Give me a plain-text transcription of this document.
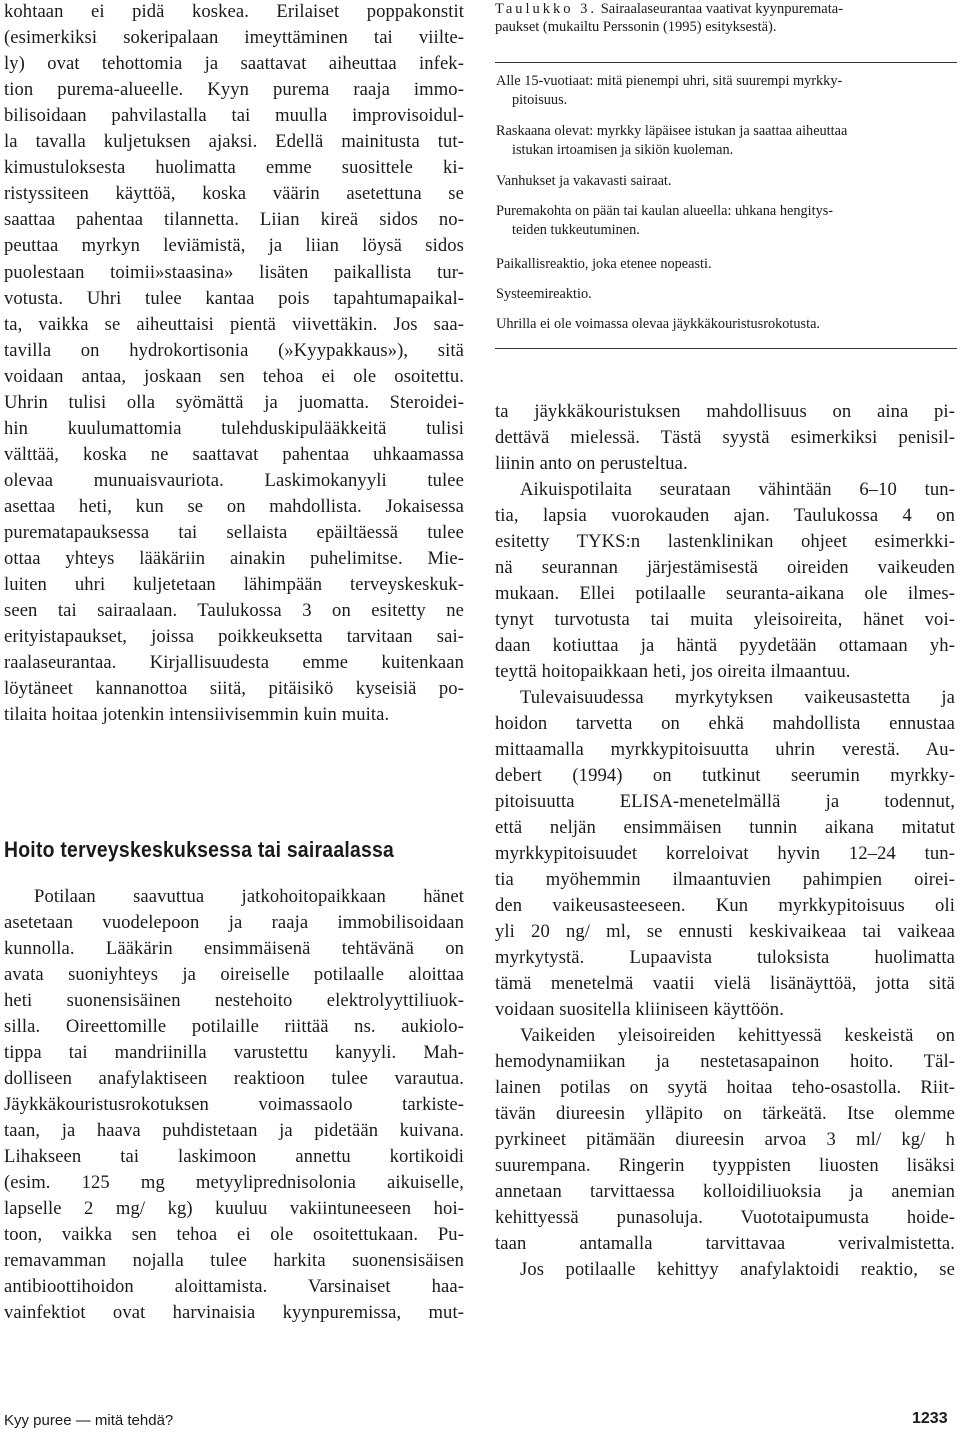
kohtaan ei pidä koskea. Erilaiset poppakonstit
(esimerkiksi sokeripalaan imeyttäminen tai viilte-
ly) ovat tehottomia ja saattavat aiheuttaa infek-
tion purema-alueelle. Kyyn purema raaja immo-
bilisoidaan pahvilastalla tai muulla improvisoidul-
la tavalla kuljetuksen ajaksi. Edellä mainitusta tut-
kimustuloksesta huolimatta emme suosittele ki-
ristyssiteen käyttöä, koska väärin asetettuna se
saattaa pahentaa tilannetta. Liian kireä sidos no-
peuttaa myrkyn leviämistä, ja liian löysä sidos
puolestaan toimii»staasina» lisäten paikallista tur-
votusta. Uhri tulee kantaa pois tapahtumapaikal-
ta, vaikka se aiheuttaisi pientä viivettäkin. Jos saa-
tavilla on hydrokortisonia (»Kyypakkaus»), sitä
voidaan antaa, joskaan sen tehoa ei ole osoitettu.
Uhrin tulisi olla syömättä ja juomatta. Steroidei-
hin kuulumattomia tulehduskipulääkkeitä tulisi
välttää, koska ne saattavat pahentaa uhkaamassa
olevaa munuaisvauriota. Laskimokanyyli tulee
asettaa heti, kun se on mahdollista. Jokaisessa
purematapauksessa tai sellaista epäiltäessä tulee
ottaa yhteys lääkäriin ainakin puhelimitse. Mie-
luiten uhri kuljetetaan lähimpään terveyskeskuk-
seen tai sairaalaan. Taulukossa 3 on esitetty ne
erityistapaukset, joissa poikkeuksetta tarvitaan sai-
raalaseurantaa. Kirjallisuudesta emme kuitenkaan
löytäneet kannanottoa siitä, pitäisikö kyseisiä po-
tilaita hoitaa jotenkin intensiivisemmin kuin muita.
Potilaan saavuttua jatkohoitopaikkaan hänet
asetetaan vuodelepoon ja raaja immobilisoidaan
kunnolla. Lääkärin ensimmäisenä tehtävänä on
avata suoniyhteys ja oireiselle potilaalle aloittaa
heti suonensisäinen nestehoito elektrolyyttiliuok-
silla. Oireettomille potilaille riittää ns. aukiolo-
tippa tai mandriinilla varustettu kanyyli. Mah-
dolliseen anafylaktiseen reaktioon tulee varautua.
Jäykkäkouristusrokotuksen voimassaolo tarkiste-
taan, ja haava puhdistetaan ja pidetään kuivana.
Lihakseen tai laskimoon annettu kortikoidi
(esim. 125 mg metyyliprednisolonia aikuiselle,
lapselle 2 mg/ kg) kuuluu vakiintuneeseen hoi-
toon, vaikka sen tehoa ei ole osoitettukaan. Pu-
remavamman nojalla tulee harkita suonensisäisen
antibioottihoidon aloittamista. Varsinaiset haa-
vainfektiot ovat harvinaisia kyynpuremissa, mut-
Hoito terveyskeskuksessa tai sairaalassa
Taulukko 3. Sairaalaseurantaa vaativat kyynpuremata-
paukset (mukailtu Perssonin (1995) esityksestä).
Alle 15-vuotiaat: mitä pienempi uhri, sitä suurempi myrkky-
pitoisuus.
Raskaana olevat: myrkky läpäisee istukan ja saattaa aiheuttaa
istukan irtoamisen ja sikiön kuoleman.
Vanhukset ja vakavasti sairaat.
Puremakohta on pään tai kaulan alueella: uhkana hengitys-
teiden tukkeutuminen.
Paikallisreaktio, joka etenee nopeasti.
Systeemireaktio.
Uhrilla ei ole voimassa olevaa jäykkäkouristusrokotusta.
ta jäykkäkouristuksen mahdollisuus on aina pi-
dettävä mielessä. Tästä syystä esimerkiksi penisil-
liinin anto on perusteltua.
Aikuispotilaita seurataan vähintään 6–10 tun-
tia, lapsia vuorokauden ajan. Taulukossa 4 on
esitetty TYKS:n lastenklinikan ohjeet esimerkki-
nä seurannan järjestämisestä oireiden vaikeuden
mukaan. Ellei potilaalle seuranta-aikana ole ilmes-
tynyt turvotusta tai muita yleisoireita, hänet voi-
daan kotiuttaa ja häntä pyydetään ottamaan yh-
teyttä hoitopaikkaan heti, jos oireita ilmaantuu.
Tulevaisuudessa myrkytyksen vaikeusastetta ja
hoidon tarvetta on ehkä mahdollista ennustaa
mittaamalla myrkkypitoisuutta uhrin verestä. Au-
debert (1994) on tutkinut seerumin myrkky-
pitoisuutta ELISA-menetelmällä ja todennut,
että neljän ensimmäisen tunnin aikana mitatut
myrkkypitoisuudet korreloivat hyvin 12–24 tun-
tia myöhemmin ilmaantuvien pahimpien oirei-
den vaikeusasteeseen. Kun myrkkypitoisuus oli
yli 20 ng/ ml, se ennusti keskivaikeaa tai vaikeaa
myrkytystä. Lupaavista tuloksista huolimatta
tämä menetelmä vaatii vielä lisänäyttöä, jotta sitä
voidaan suositella kliiniseen käyttöön.
Vaikeiden yleisoireiden kehittyessä keskeistä on
hemodynamiikan ja nestetasapainon hoito. Täl-
lainen potilas on syytä hoitaa teho-osastolla. Riit-
tävän diureesin ylläpito on tärkeätä. Itse olemme
pyrkineet pitämään diureesin arvoa 3 ml/ kg/ h
suurempana. Ringerin tyyppisten liuosten lisäksi
annetaan tarvittaessa kolloidiliuoksia ja anemian
kehittyessä punasoluja. Vuototaipumusta hoide-
taan antamalla tarvittavaa verivalmistetta.
Jos potilaalle kehittyy anafylaktoidi reaktio, se
Kyy puree — mitä tehdä?	1233
